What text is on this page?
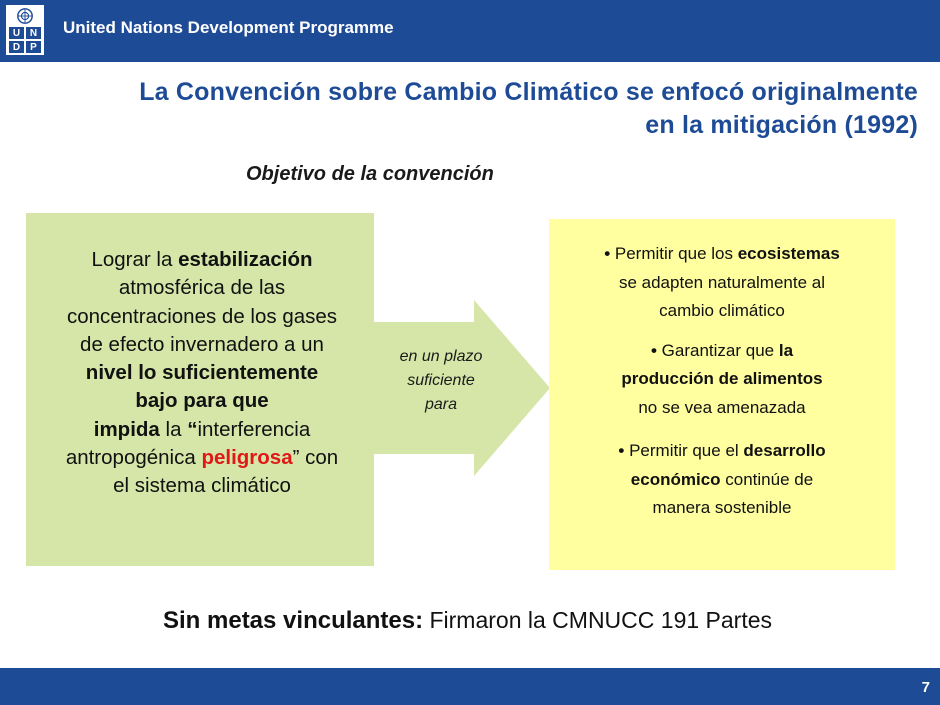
U N
D	P
United Nations Development Programme
La Convención sobre Cambio Climático se enfocó originalmente
en la mitigación (1992)
Objetivo de la convención
Lograr la estabilización
atmosférica de las
concentraciones de los gases
de efecto invernadero a un
nivel lo suficientemente
bajo para que
impida la “interferencia
antropogénica peligrosa” con
el sistema climático
en un plazo
suficiente
para
• Permitir que los ecosistemas
se adapten naturalmente al
cambio climático
• Garantizar que la
producción de alimentos
no se vea amenazada
• Permitir que el desarrollo
económico continúe de
manera sostenible
Sin metas vinculantes: Firmaron la CMNUCC 191 Partes
7
